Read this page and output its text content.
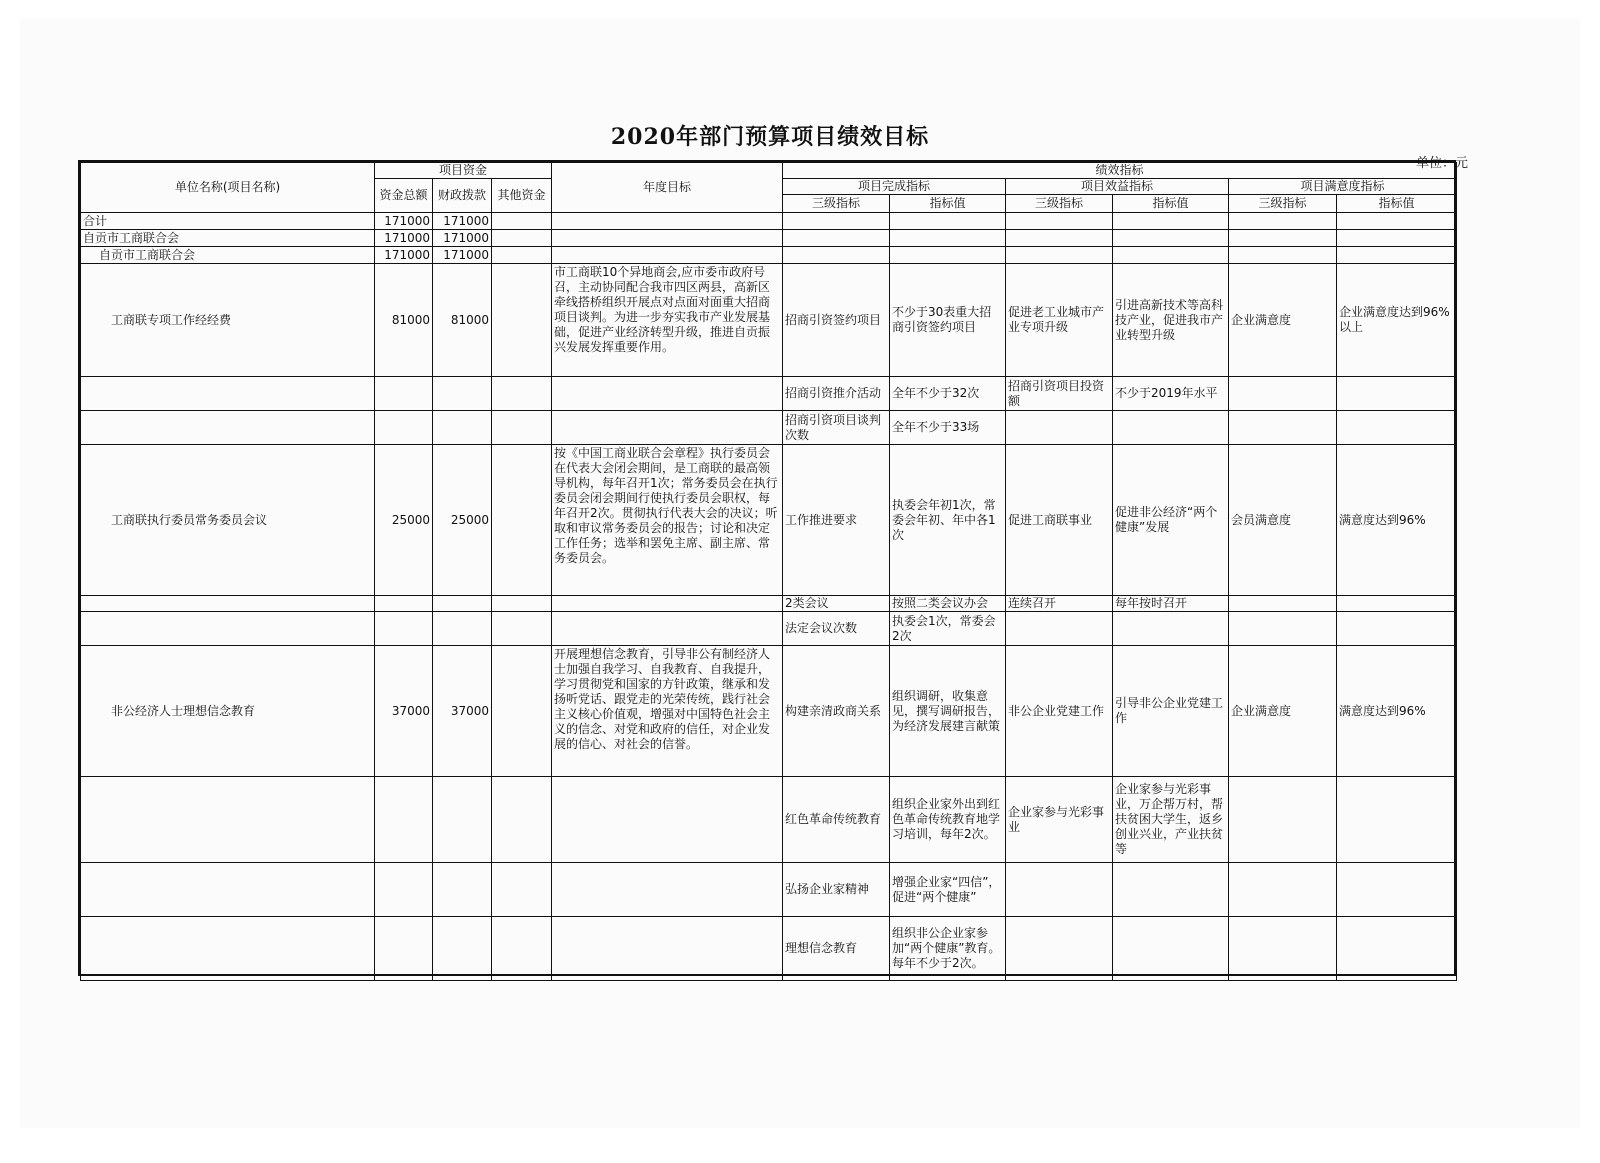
2020年部门预算项目绩效目标
单位：元
单位名称(项目名称)	项目资金			年度目标	绩效指标					
	资金总额	财政拨款	其他资金		项目完成指标		项目效益指标		项目满意度指标	
					三级指标	指标值	三级指标	指标值	三级指标	指标值
合计	171000	171000								
自贡市工商联合会	171000	171000								
自贡市工商联合会	171000	171000								
工商联专项工作经经费	81000	81000		市工商联10个异地商会,应市委市政府号召，主动协同配合我市四区两县，高新区牵线搭桥组织开展点对点面对面重大招商项目谈判。为进一步夯实我市产业发展基础，促进产业经济转型升级，推进自贡振兴发展发挥重要作用。	招商引资签约项目	不少于30表重大招商引资签约项目	促进老工业城市产业专项升级	引进高新技术等高科技产业，促进我市产业转型升级	企业满意度	企业满意度达到96%以上
					招商引资推介活动	全年不少于32次	招商引资项目投资额	不少于2019年水平		
					招商引资项目谈判次数	全年不少于33场				
工商联执行委员常务委员会议	25000	25000		按《中国工商业联合会章程》执行委员会在代表大会闭会期间，是工商联的最高领导机构，每年召开1次；常务委员会在执行委员会闭会期间行使执行委员会职权，每年召开2次。贯彻执行代表大会的决议；听取和审议常务委员会的报告；讨论和决定工作任务；选举和罢免主席、副主席、常务委员会。	工作推进要求	执委会年初1次，常委会年初、年中各1次	促进工商联事业	促进非公经济“两个健康”发展	会员满意度	满意度达到96%
					2类会议	按照二类会议办会	连续召开	每年按时召开		
					法定会议次数	执委会1次，常委会2次				
非公经济人士理想信念教育	37000	37000		开展理想信念教育，引导非公有制经济人士加强自我学习、自我教育、自我提升，学习贯彻党和国家的方针政策，继承和发扬听党话、跟党走的光荣传统，践行社会主义核心价值观，增强对中国特色社会主义的信念、对党和政府的信任，对企业发展的信心、对社会的信誉。	构建亲清政商关系	组织调研，收集意见，撰写调研报告，为经济发展建言献策	非公企业党建工作	引导非公企业党建工作	企业满意度	满意度达到96%
					红色革命传统教育	组织企业家外出到红色革命传统教育地学习培训，每年2次。	企业家参与光彩事业	企业家参与光彩事业，万企帮万村，帮扶贫困大学生，返乡创业兴业，产业扶贫等		
					弘扬企业家精神	增强企业家“四信”，促进“两个健康”				
					理想信念教育	组织非公企业家参加“两个健康”教育。每年不少于2次。				
